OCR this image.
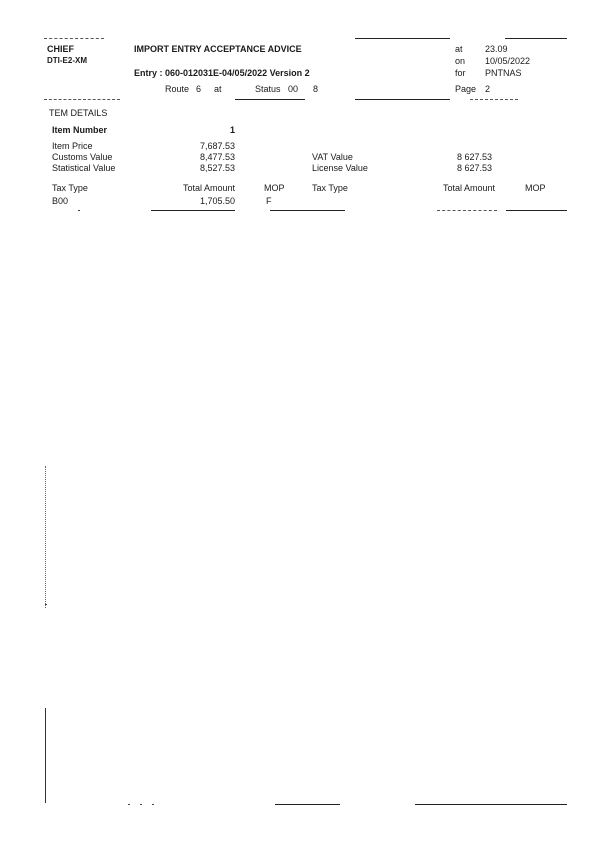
CHIEF
DTI-E2-XM
IMPORT ENTRY ACCEPTANCE ADVICE
Entry : 060-012031E-04/05/2022 Version 2
Route 6 at	Status 00 8
at 23.09
on 10/05/2022
for PNTNAS
Page 2
TEM DETAILS
Item Number	1
Item Price	7,687.53
Customs Value	8,477.53
Statistical Value	8,527.53
VAT Value	8 627.53
License Value	8 627.53
Tax Type	Total Amount	MOP	Tax Type	Total Amount	MOP
B00	1,705.50	F
